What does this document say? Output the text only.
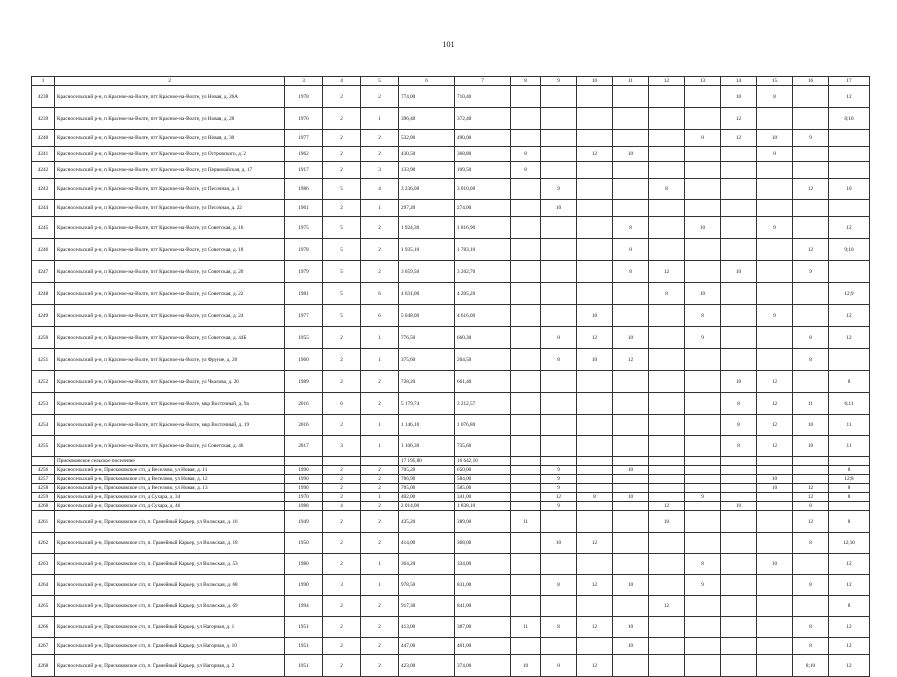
101
1	2	3	4	5	6	7	8	9	10	11	12	13	14	15	16	17
4238	Красносельский р-н, п Красное-на-Волге, пгт Красное-на-Волге, ул Новая, д. 26А	1978	2	2	774,00	710,40							10	8		12
4239	Красносельский р-н, п Красное-на-Волге, пгт Красное-на-Волге, ул Новая, д. 28	1976	2	1	396,40	372,40							12			8;10
4240	Красносельский р-н, п Красное-на-Волге, пгт Красное-на-Волге, ул Новая, д. 30	1977	2	2	532,00	490,00						8	12	10	9	
4241	Красносельский р-н, п Красное-на-Волге, пгт Красное-на-Волге, ул Островского, д. 2	1962	2	2	430,50	368,80	8		12	10				8		
4242	Красносельский р-н, п Красное-на-Волге, пгт Красное-на-Волге, ул Первомайская, д. 17	1917	2	3	133,90	109,50	8									
4243	Красносельский р-н, п Красное-на-Волге, пгт Красное-на-Волге, ул Песочная, д. 1	1986	5	4	3 236,00	3 010,00		9			8				12	10
4244	Красносельский р-н, п Красное-на-Волге, пгт Красное-на-Волге, ул Песочная, д. 22	1961	2	1	297,20	274,00		10								
4245	Красносельский р-н, п Красное-на-Волге, пгт Красное-на-Волге, ул Советская, д. 16	1975	5	2	1 924,30	1 816,90				8		10		9		12
4246	Красносельский р-н, п Красное-на-Волге, пгт Красное-на-Волге, ул Советская, д. 18	1978	5	2	1 935,10	1 783,10				8					12	9;10
4247	Красносельский р-н, п Красное-на-Волге, пгт Красное-на-Волге, ул Советская, д. 20	1979	5	2	3 659,50	3 262,70				8	12		10		9	
4248	Красносельский р-н, п Красное-на-Волге, пгт Красное-на-Волге, ул Советская, д. 22	1981	5	6	4 631,00	4 205,20					8	10				12;9
4249	Красносельский р-н, п Красное-на-Волге, пгт Красное-на-Волге, ул Советская, д. 24	1977	5	6	5 048,00	4 616,00			10			8		9		12
4250	Красносельский р-н, п Красное-на-Волге, пгт Красное-на-Волге, ул Советская, д. 44Б	1955	2	1	776,50	660,30		8	12	10		9			8	12
4251	Красносельский р-н, п Красное-на-Волге, пгт Красное-на-Волге, ул Фрунзе, д. 20	1960	2	1	375,60	204,50		8	10	12					8	
4252	Красносельский р-н, п Красное-на-Волге, пгт Красное-на-Волге, ул Чкалова, д. 26	1989	2	2	728,20	661,40							10	12		8
4253	Красносельский р-н, п Красное-на-Волге, пгт Красное-на-Волге, мкр Восточный, д. 9а	2016	6	2	5 179,74	3 212,57							8	12	11	6;11
4254	Красносельский р-н, п Красное-на-Волге, пгт Красное-на-Волге, мкр Восточный, д. 19	2016	2	1	1 146,10	1 076,80							8	12	10	11
4255	Красносельский р-н, п Красное-на-Волге, пгт Красное-на-Волге, ул Советская, д. 46	2017	3	1	1 106,30	735,60							8	12	10	11
	Прискоковское сельское поселение				17 195,80	16 642,10										
4256	Красносельский р-н, Прискоковское с/п, д Веселово, ул Новая, д. 11	1990	2	2	705,20	650,00		9		10						8
4257	Красносельский р-н, Прискоковское с/п, д Веселово, ул Новая, д. 12	1990	2	2	706,90	584,00		9						10		12;8
4258	Красносельский р-н, Прискоковское с/п, д Веселово, ул Новая, д. 13	1990	2	2	705,00	585,00		9						10	12	8
4259	Красносельский р-н, Прискоковское с/п, д Сухара, д. 34	1970	2	1	402,00	341,00		12	8	10		9			12	8
4260	Красносельский р-н, Прискоковское с/п, д Сухара, д. 46	1988	4	2	2 014,00	1 838,10		9			12		10		8	
4261	Красносельский р-н, Прискоковское с/п, п. Гранейный Карьер, ул Волжская, д. 16	1949	2	2	435,20	389,00	11				10				12	8
4262	Красносельский р-н, Прискоковское с/п, п. Гранейный Карьер, ул Волжская, д. 18	1950	2	2	414,00	368,00		10	12						8	12;10
4263	Красносельский р-н, Прискоковское с/п, п. Гранейный Карьер, ул Волжская, д. 53	1980	2	1	364,20	334,00						8		10		12
4264	Красносельский р-н, Прискоковское с/п, п. Гранейный Карьер, ул Волжская, д. 68	1990	3	1	978,50	831,00		8	12	10		9			8	12
4265	Красносельский р-н, Прискоковское с/п, п. Гранейный Карьер, ул Волжская, д. 69	1994	2	2	917,30	841,00					12					8
4266	Красносельский р-н, Прискоковское с/п, п. Гранейный Карьер, ул Нагорная, д. 1	1951	2	2	413,00	387,00	11	8	12	10					8	12
4267	Красносельский р-н, Прискоковское с/п, п. Гранейный Карьер, ул Нагорная, д. 10	1951	2	2	447,00	401,00				10					8	12
4268	Красносельский р-н, Прискоковское с/п, п. Гранейный Карьер, ул Нагорная, д. 2	1951	2	2	423,00	374,00	10	8	12						8;10	12
